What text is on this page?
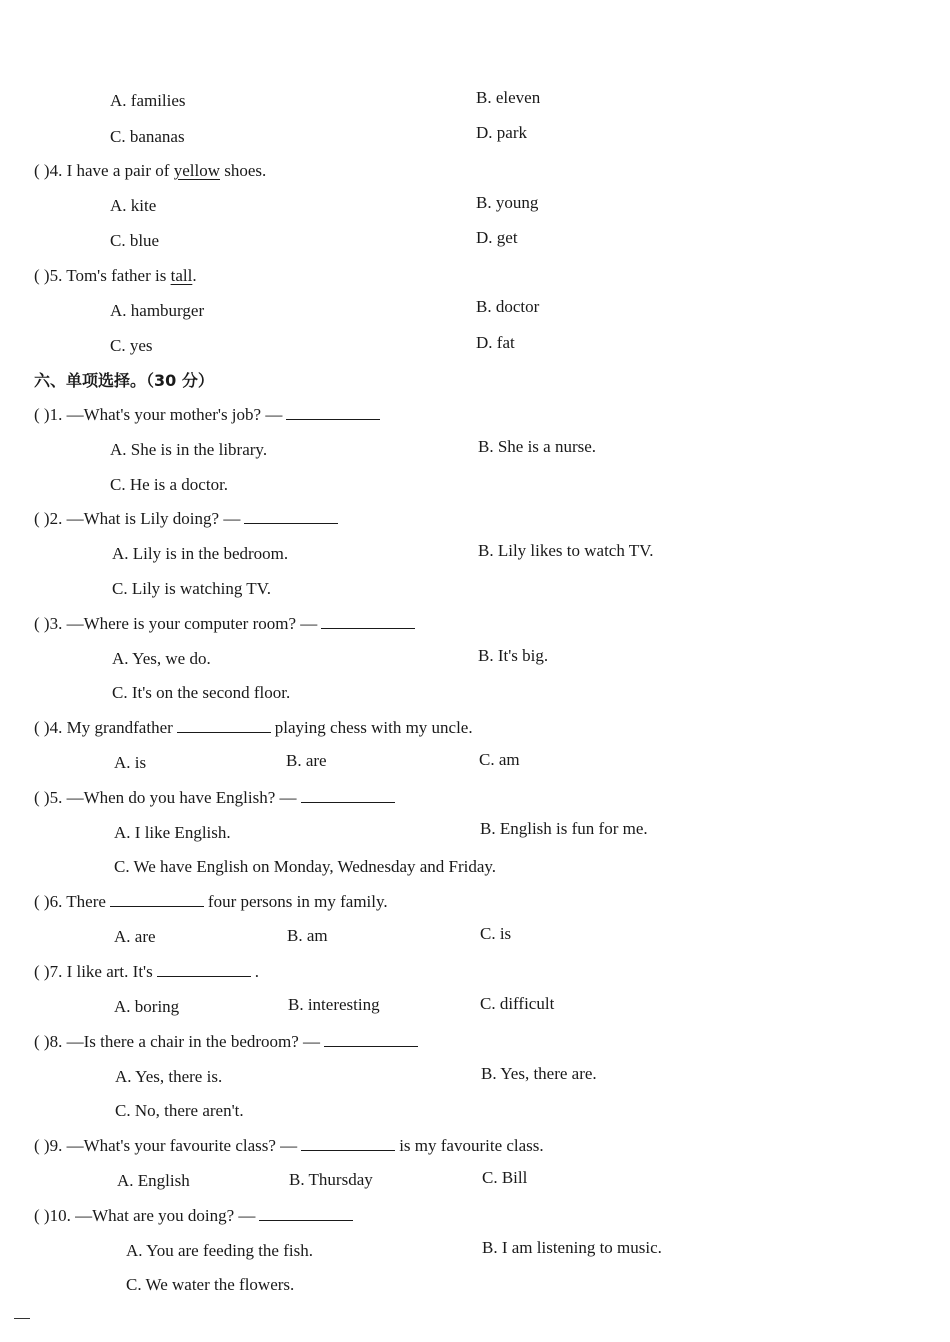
A. families	B. eleven
C. bananas	D. park
( )4. I have a pair of yellow shoes.
A. kite	B. young
C. blue	D. get
( )5. Tom's father is tall.
A. hamburger	B. doctor
C. yes	D. fat
六、单项选择。（30 分）
( )1. —What's your mother's job? —
A. She is in the library.	B. She is a nurse.
C. He is a doctor.
( )2. —What is Lily doing? —
A. Lily is in the bedroom.	B. Lily likes to watch TV.
C. Lily is watching TV.
( )3. —Where is your computer room? —
A. Yes, we do.	B. It's big.
C. It's on the second floor.
( )4. My grandfather	playing chess with my uncle.
A. is	B. are	C. am
( )5. —When do you have English? —
A. I like English.	B. English is fun for me.
C. We have English on Monday, Wednesday and Friday.
( )6. There	four persons in my family.
A. are	B. am	C. is
( )7. I like art. It's	.
A. boring	B. interesting	C. difficult
( )8. —Is there a chair in the bedroom? —
A. Yes, there is.	B. Yes, there are.
C. No, there aren't.
( )9. —What's your favourite class? —	is my favourite class.
A. English	B. Thursday	C. Bill
( )10. —What are you doing? —
A. You are feeding the fish.	B. I am listening to music.
C. We water the flowers.
